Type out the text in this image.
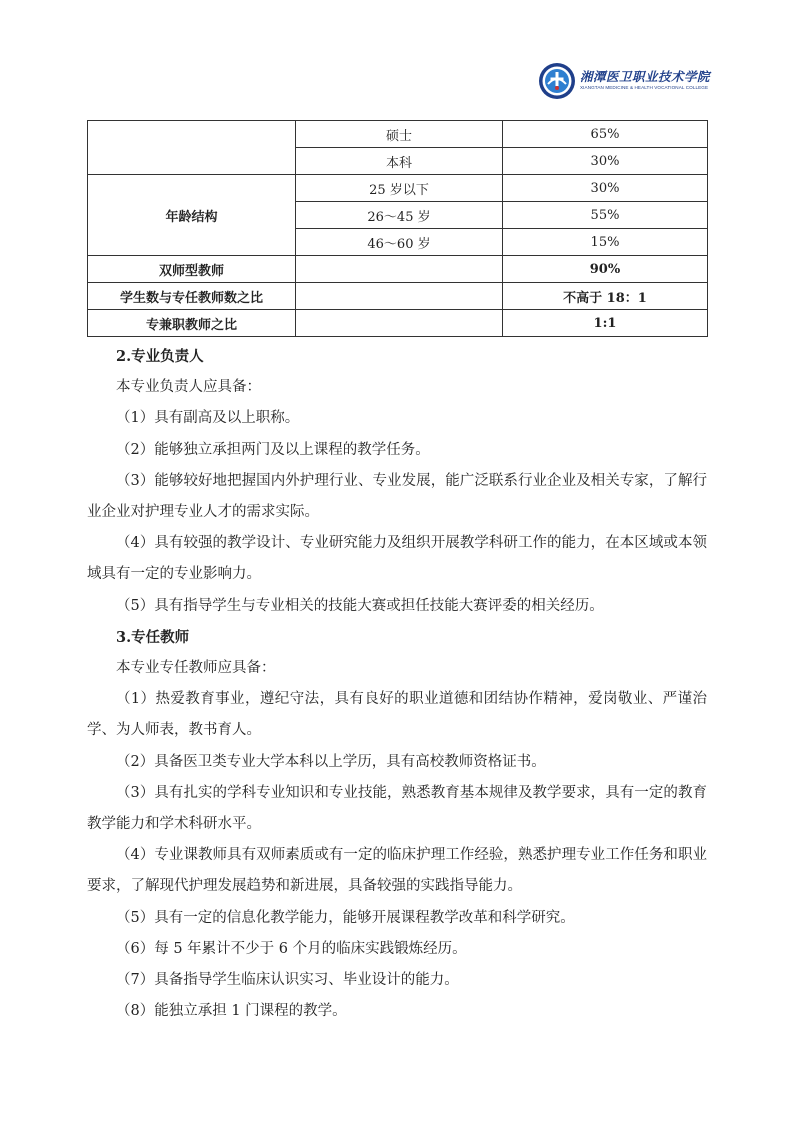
湘潭医卫职业技术学院
XIANGTAN MEDICINE & HEALTH VOCATIONAL COLLEGE
	硕士	65%
	本科	30%
年龄结构	25 岁以下	30%
	26～45 岁	55%
	46～60 岁	15%
双师型教师		90%
学生数与专任教师数之比		不高于 18：1
专兼职教师之比		1:1

2.专业负责人

本专业负责人应具备：

（1）具有副高及以上职称。

（2）能够独立承担两门及以上课程的教学任务。

（3）能够较好地把握国内外护理行业、专业发展，能广泛联系行业企业及相关专家，了解行业企业对护理专业人才的需求实际。

（4）具有较强的教学设计、专业研究能力及组织开展教学科研工作的能力，在本区域或本领域具有一定的专业影响力。

（5）具有指导学生与专业相关的技能大赛或担任技能大赛评委的相关经历。

3.专任教师

本专业专任教师应具备：

（1）热爱教育事业，遵纪守法，具有良好的职业道德和团结协作精神，爱岗敬业、严谨治学、为人师表，教书育人。

（2）具备医卫类专业大学本科以上学历，具有高校教师资格证书。

（3）具有扎实的学科专业知识和专业技能，熟悉教育基本规律及教学要求，具有一定的教育教学能力和学术科研水平。

（4）专业课教师具有双师素质或有一定的临床护理工作经验，熟悉护理专业工作任务和职业要求，了解现代护理发展趋势和新进展，具备较强的实践指导能力。

（5）具有一定的信息化教学能力，能够开展课程教学改革和科学研究。

（6）每 5 年累计不少于 6 个月的临床实践锻炼经历。

（7）具备指导学生临床认识实习、毕业设计的能力。

（8）能独立承担 1 门课程的教学。
